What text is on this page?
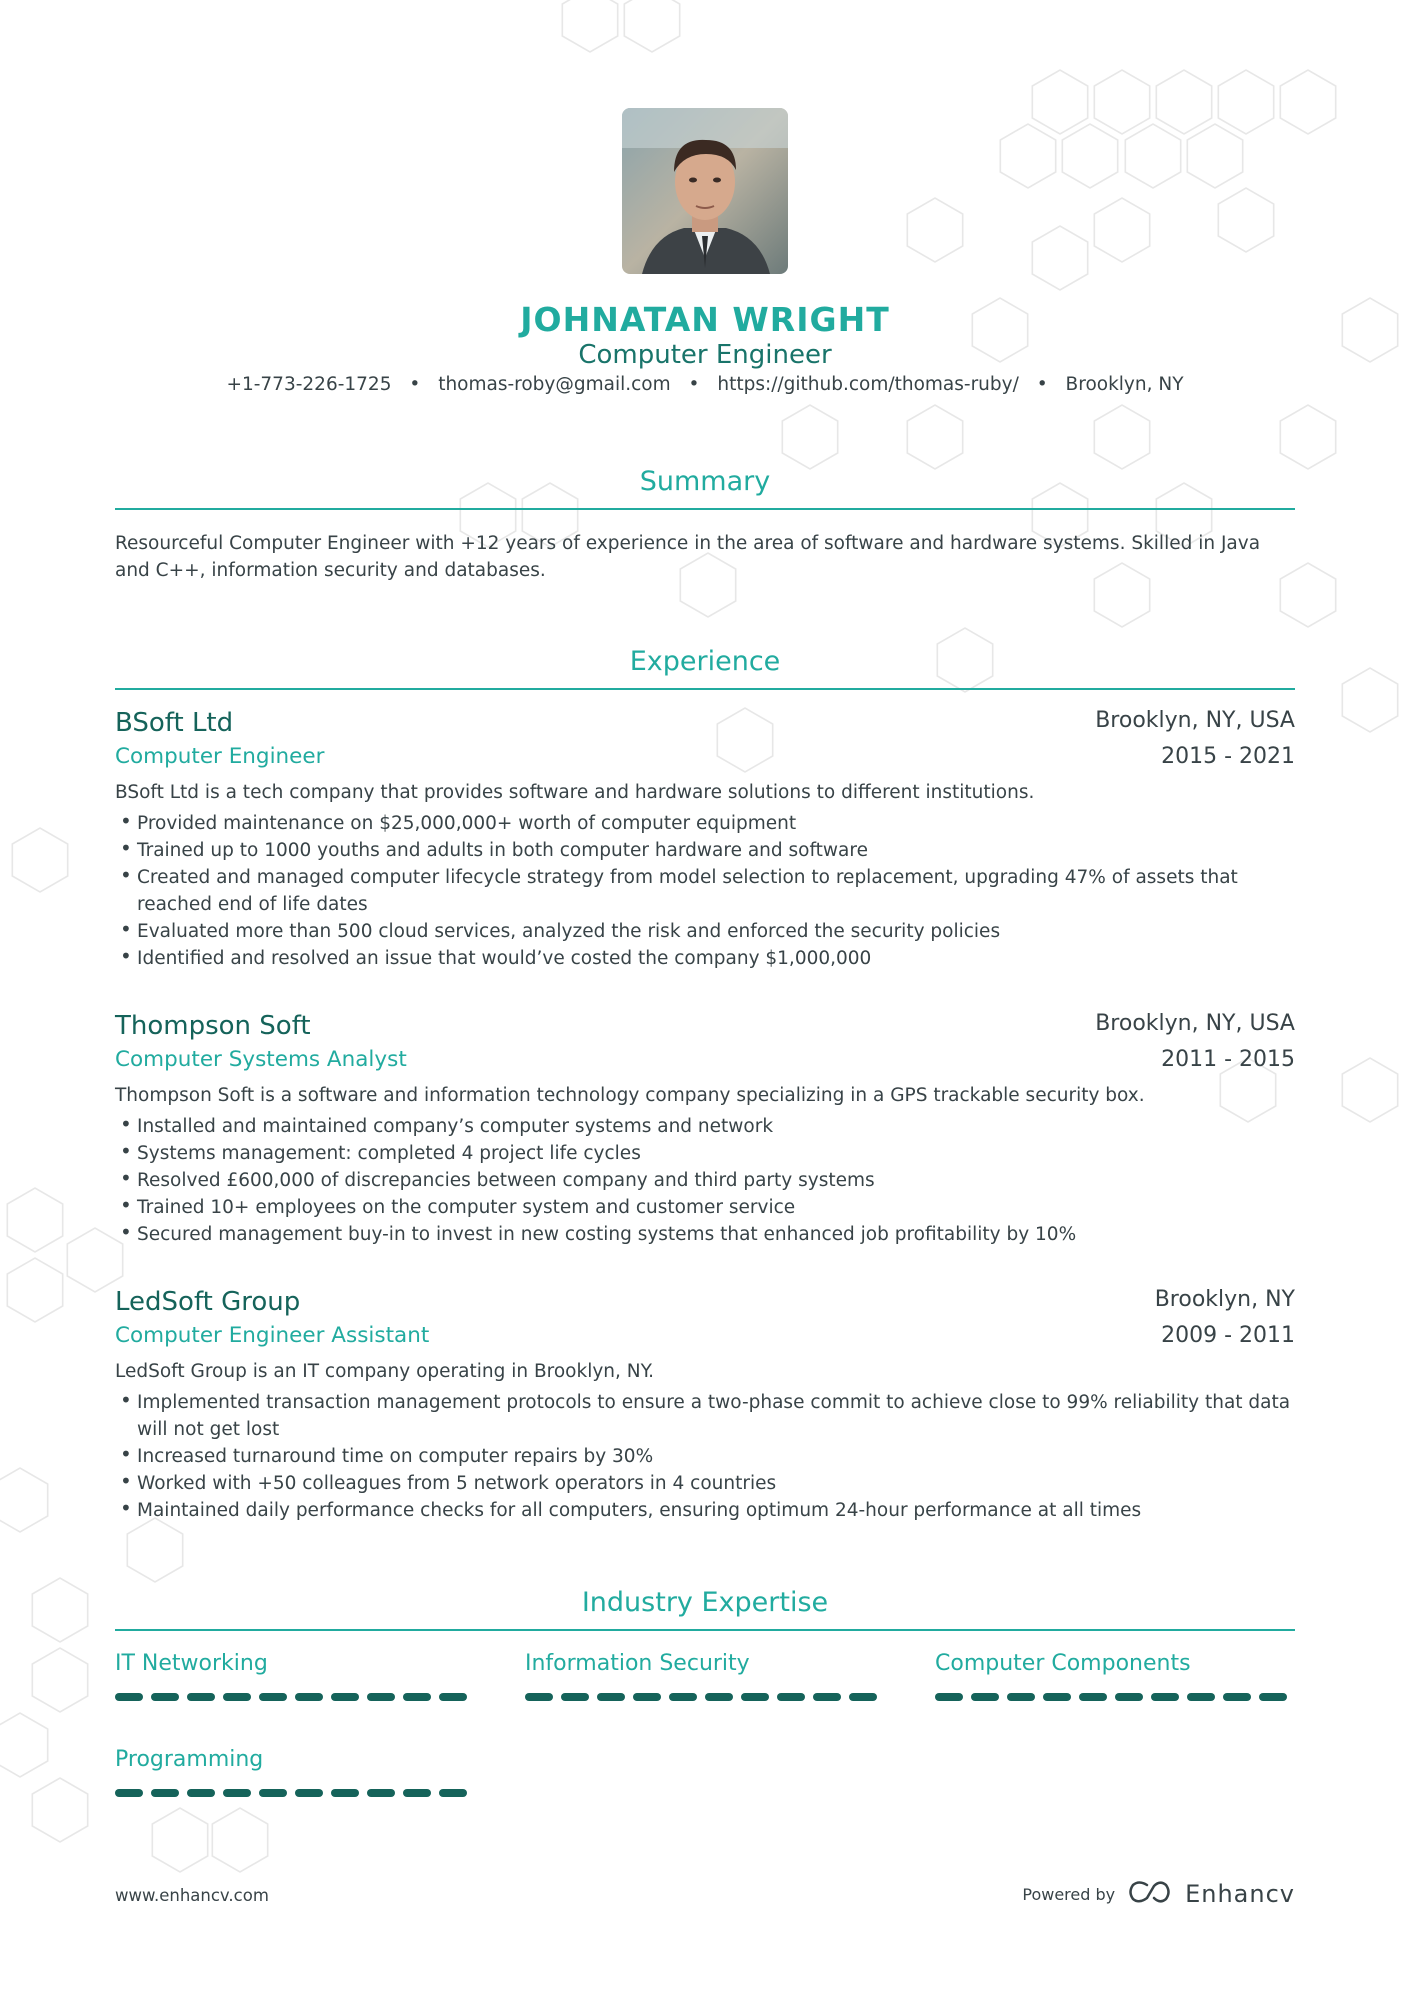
JOHNATAN WRIGHT
Computer Engineer
+1-773-226-1725 • thomas-roby@gmail.com • https://github.com/thomas-ruby/ • Brooklyn, NY
Summary
Resourceful Computer Engineer with +12 years of experience in the area of software and hardware systems. Skilled in Java and C++, information security and databases.
Experience
BSoft Ltd	Brooklyn, NY, USA
Computer Engineer	2015 - 2021
BSoft Ltd is a tech company that provides software and hardware solutions to different institutions.
• Provided maintenance on $25,000,000+ worth of computer equipment
• Trained up to 1000 youths and adults in both computer hardware and software
• Created and managed computer lifecycle strategy from model selection to replacement, upgrading 47% of assets that reached end of life dates
• Evaluated more than 500 cloud services, analyzed the risk and enforced the security policies
• Identified and resolved an issue that would’ve costed the company $1,000,000
Thompson Soft	Brooklyn, NY, USA
Computer Systems Analyst	2011 - 2015
Thompson Soft is a software and information technology company specializing in a GPS trackable security box.
• Installed and maintained company’s computer systems and network
• Systems management: completed 4 project life cycles
• Resolved £600,000 of discrepancies between company and third party systems
• Trained 10+ employees on the computer system and customer service
• Secured management buy-in to invest in new costing systems that enhanced job profitability by 10%
LedSoft Group	Brooklyn, NY
Computer Engineer Assistant	2009 - 2011
LedSoft Group is an IT company operating in Brooklyn, NY.
• Implemented transaction management protocols to ensure a two-phase commit to achieve close to 99% reliability that data will not get lost
• Increased turnaround time on computer repairs by 30%
• Worked with +50 colleagues from 5 network operators in 4 countries
• Maintained daily performance checks for all computers, ensuring optimum 24-hour performance at all times
Industry Expertise
IT Networking	Information Security	Computer Components
Programming
www.enhancv.com	Powered by	Enhancv
